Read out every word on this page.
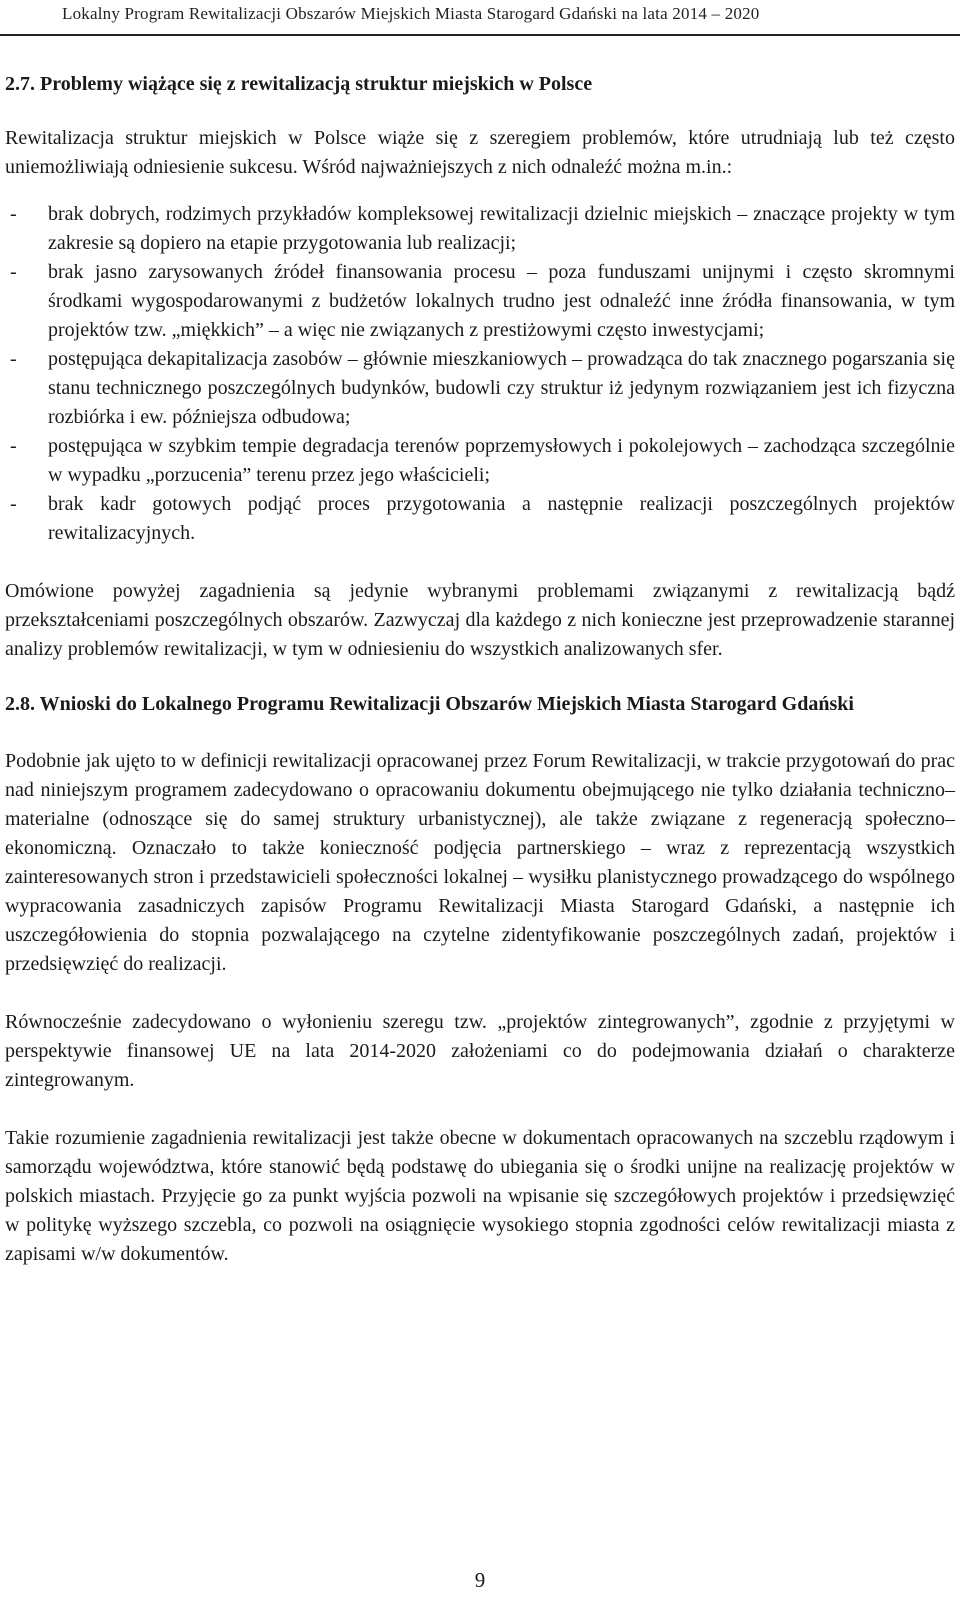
Lokalny Program Rewitalizacji Obszarów Miejskich Miasta Starogard Gdański na lata 2014 – 2020
2.7. Problemy wiążące się z rewitalizacją struktur miejskich w Polsce

Rewitalizacja struktur miejskich w Polsce wiąże się z szeregiem problemów, które utrudniają lub też często uniemożliwiają odniesienie sukcesu. Wśród najważniejszych z nich odnaleźć można m.in.:

- brak dobrych, rodzimych przykładów kompleksowej rewitalizacji dzielnic miejskich – znaczące projekty w tym zakresie są dopiero na etapie przygotowania lub realizacji;
- brak jasno zarysowanych źródeł finansowania procesu – poza funduszami unijnymi i często skromnymi środkami wygospodarowanymi z budżetów lokalnych trudno jest odnaleźć inne źródła finansowania, w tym projektów tzw. „miękkich” – a więc nie związanych z prestiżowymi często inwestycjami;
- postępująca dekapitalizacja zasobów – głównie mieszkaniowych – prowadząca do tak znacznego pogarszania się stanu technicznego poszczególnych budynków, budowli czy struktur iż jedynym rozwiązaniem jest ich fizyczna rozbiórka i ew. późniejsza odbudowa;
- postępująca w szybkim tempie degradacja terenów poprzemysłowych i pokolejowych – zachodząca szczególnie w wypadku „porzucenia” terenu przez jego właścicieli;
- brak kadr gotowych podjąć proces przygotowania a następnie realizacji poszczególnych projektów rewitalizacyjnych.

Omówione powyżej zagadnienia są jedynie wybranymi problemami związanymi z rewitalizacją bądź przekształceniami poszczególnych obszarów. Zazwyczaj dla każdego z nich konieczne jest przeprowadzenie starannej analizy problemów rewitalizacji, w tym w odniesieniu do wszystkich analizowanych sfer.

2.8. Wnioski do Lokalnego Programu Rewitalizacji Obszarów Miejskich Miasta Starogard Gdański

Podobnie jak ujęto to w definicji rewitalizacji opracowanej przez Forum Rewitalizacji, w trakcie przygotowań do prac nad niniejszym programem zadecydowano o opracowaniu dokumentu obejmującego nie tylko działania techniczno–materialne (odnoszące się do samej struktury urbanistycznej), ale także związane z regeneracją społeczno–ekonomiczną. Oznaczało to także konieczność podjęcia partnerskiego – wraz z reprezentacją wszystkich zainteresowanych stron i przedstawicieli społeczności lokalnej – wysiłku planistycznego prowadzącego do wspólnego wypracowania zasadniczych zapisów Programu Rewitalizacji Miasta Starogard Gdański, a następnie ich uszczegółowienia do stopnia pozwalającego na czytelne zidentyfikowanie poszczególnych zadań, projektów i przedsięwzięć do realizacji.

Równocześnie zadecydowano o wyłonieniu szeregu tzw. „projektów zintegrowanych”, zgodnie z przyjętymi w perspektywie finansowej UE na lata 2014-2020 założeniami co do podejmowania działań o charakterze zintegrowanym.

Takie rozumienie zagadnienia rewitalizacji jest także obecne w dokumentach opracowanych na szczeblu rządowym i samorządu województwa, które stanowić będą podstawę do ubiegania się o środki unijne na realizację projektów w polskich miastach. Przyjęcie go za punkt wyjścia pozwoli na wpisanie się szczegółowych projektów i przedsięwzięć w politykę wyższego szczebla, co pozwoli na osiągnięcie wysokiego stopnia zgodności celów rewitalizacji miasta z zapisami w/w dokumentów.

9
